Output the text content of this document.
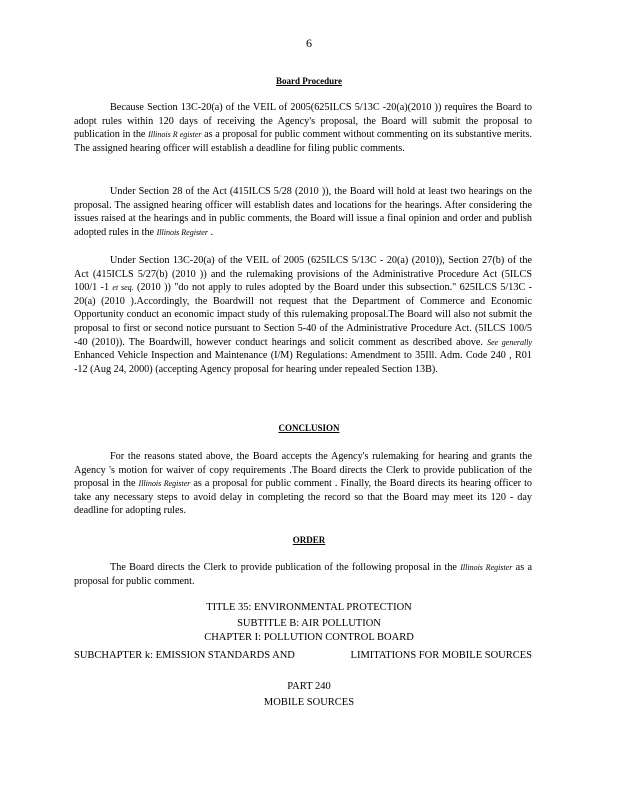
6
Board Procedure

Because Section 13C-20(a) of the VEIL of 2005(625ILCS 5/13C -20(a)(2010 )) requires the Board to adopt rules within 120 days of receiving the Agency's proposal, the Board will submit the proposal to publication in the Illinois R egister as a proposal for public comment without commenting on its substantive merits. The assigned hearing officer will establish a deadline for filing public comments.

Under Section 28 of the Act (415ILCS 5/28 (2010 )), the Board will hold at least two hearings on the proposal. The assigned hearing officer will establish dates and locations for the hearings. After considering the issues raised at the hearings and in public comments, the Board will issue a final opinion and order and publish adopted rules in the Illinois Register .

Under Section 13C-20(a) of the VEIL of 2005 (625ILCS 5/13C - 20(a) (2010)), Section 27(b) of the Act (415ICLS 5/27(b) (2010 )) and the rulemaking provisions of the Administrative Procedure Act (5ILCS 100/1 -1 et seq. (2010 )) "do not apply to rules adopted by the Board under this subsection." 625ILCS 5/13C - 20(a) (2010 ).Accordingly, the Boardwill not request that the Department of Commerce and Economic Opportunity conduct an economic impact study of this rulemaking proposal.The Board will also not submit the proposal to first or second notice pursuant to Section 5-40 of the Administrative Procedure Act. (5ILCS 100/5 -40 (2010)). The Boardwill, however conduct hearings and solicit comment as described above. See generally Enhanced Vehicle Inspection and Maintenance (I/M) Regulations: Amendment to 35Ill. Adm. Code 240 , R01 -12 (Aug 24, 2000) (accepting Agency proposal for hearing under repealed Section 13B).

CONCLUSION

For the reasons stated above, the Board accepts the Agency's rulemaking for hearing and grants the Agency 's motion for waiver of copy requirements .The Board directs the Clerk to provide publication of the proposal in the Illinois Register as a proposal for public comment . Finally, the Board directs its hearing officer to take any necessary steps to avoid delay in completing the record so that the Board may meet its 120 - day deadline for adopting rules.

ORDER

The Board directs the Clerk to provide publication of the following proposal in the Illinois Register as a proposal for public comment.

TITLE 35: ENVIRONMENTAL PROTECTION
SUBTITLE B: AIR POLLUTION
CHAPTER I: POLLUTION CONTROL BOARD
SUBCHAPTER k: EMISSION STANDARDS AND	LIMITATIONS FOR MOBILE SOURCES
PART 240
MOBILE SOURCES
